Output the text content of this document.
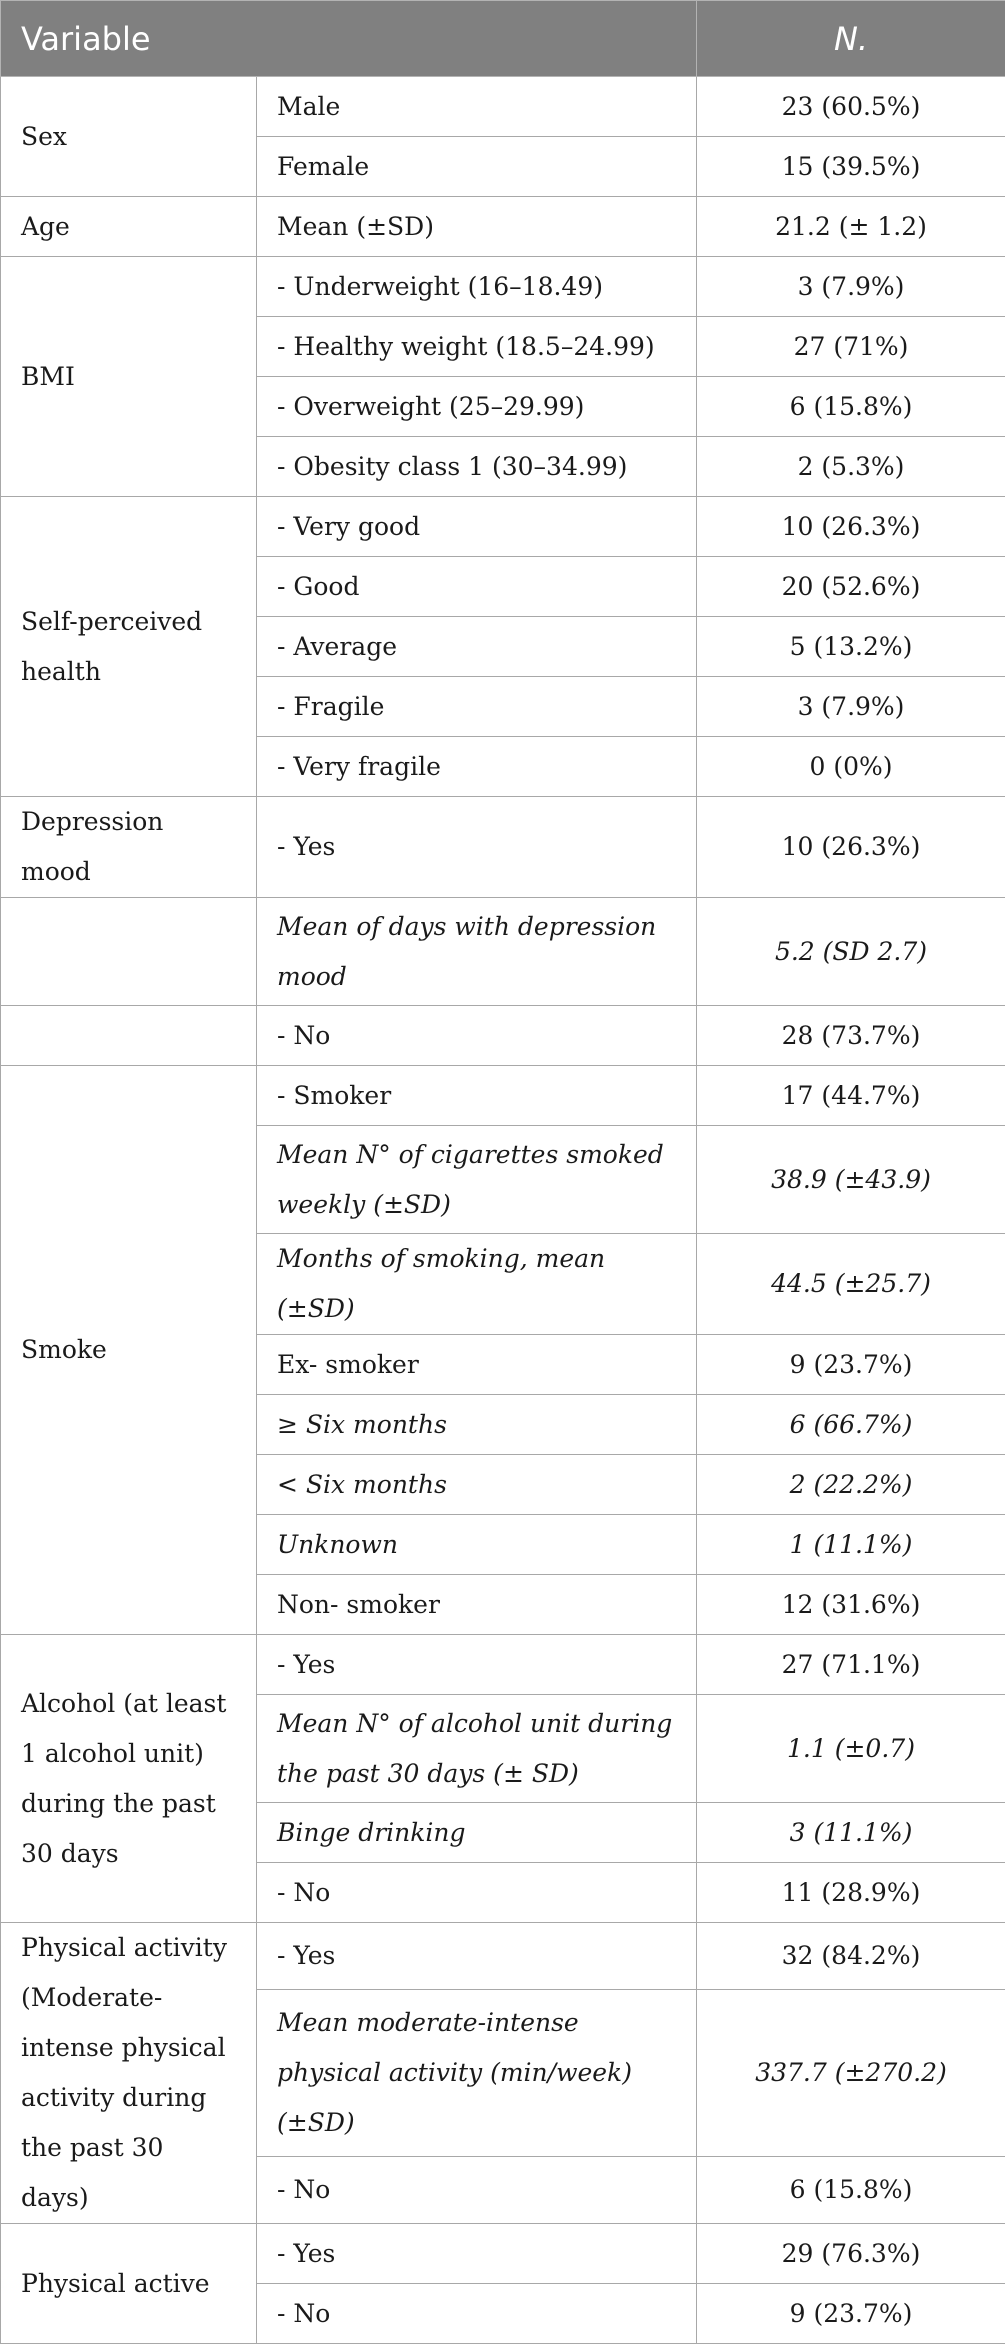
Variable		N.
Sex	Male	23 (60.5%)
	Female	15 (39.5%)
Age	Mean (±SD)	21.2 (± 1.2)
BMI	- Underweight (16–18.49)	3 (7.9%)
	- Healthy weight (18.5–24.99)	27 (71%)
	- Overweight (25–29.99)	6 (15.8%)
	- Obesity class 1 (30–34.99)	2 (5.3%)
Self-perceived health	- Very good	10 (26.3%)
	- Good	20 (52.6%)
	- Average	5 (13.2%)
	- Fragile	3 (7.9%)
	- Very fragile	0 (0%)
Depression mood	- Yes	10 (26.3%)
	Mean of days with depression mood	5.2 (SD 2.7)
	- No	28 (73.7%)
Smoke	- Smoker	17 (44.7%)
	Mean N° of cigarettes smoked weekly (±SD)	38.9 (±43.9)
	Months of smoking, mean (±SD)	44.5 (±25.7)
	Ex- smoker	9 (23.7%)
	≥ Six months	6 (66.7%)
	< Six months	2 (22.2%)
	Unknown	1 (11.1%)
	Non- smoker	12 (31.6%)
Alcohol (at least 1 alcohol unit) during the past 30 days	- Yes	27 (71.1%)
	Mean N° of alcohol unit during the past 30 days (± SD)	1.1 (±0.7)
	Binge drinking	3 (11.1%)
	- No	11 (28.9%)
Physical activity (Moderate-intense physical activity during the past 30 days)	- Yes	32 (84.2%)
	Mean moderate-intense physical activity (min/week) (±SD)	337.7 (±270.2)
	- No	6 (15.8%)
Physical active	- Yes	29 (76.3%)
	- No	9 (23.7%)
